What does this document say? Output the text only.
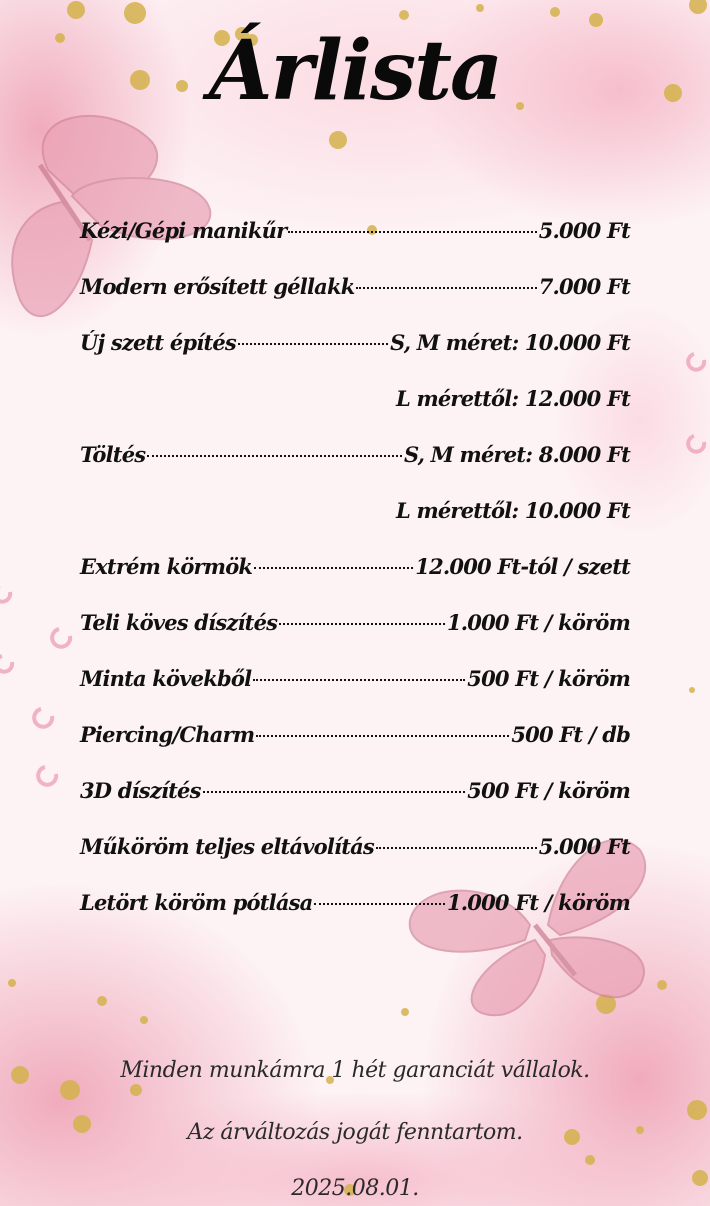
Árlista
Kézi/Gépi manikűr	5.000 Ft
Modern erősített géllakk	7.000 Ft
Új szett építés	S, M méret: 10.000 Ft
L mérettől: 12.000 Ft
Töltés	S, M méret: 8.000 Ft
L mérettől: 10.000 Ft
Extrém körmök	12.000 Ft-tól / szett
Teli köves díszítés	1.000 Ft / köröm
Minta kövekből	500 Ft / köröm
Piercing/Charm	500 Ft / db
3D díszítés	500 Ft / köröm
Műköröm teljes eltávolítás	5.000 Ft
Letört köröm pótlása	1.000 Ft / köröm
Minden munkámra 1 hét garanciát vállalok.
Az árváltozás jogát fenntartom.
2025.08.01.
